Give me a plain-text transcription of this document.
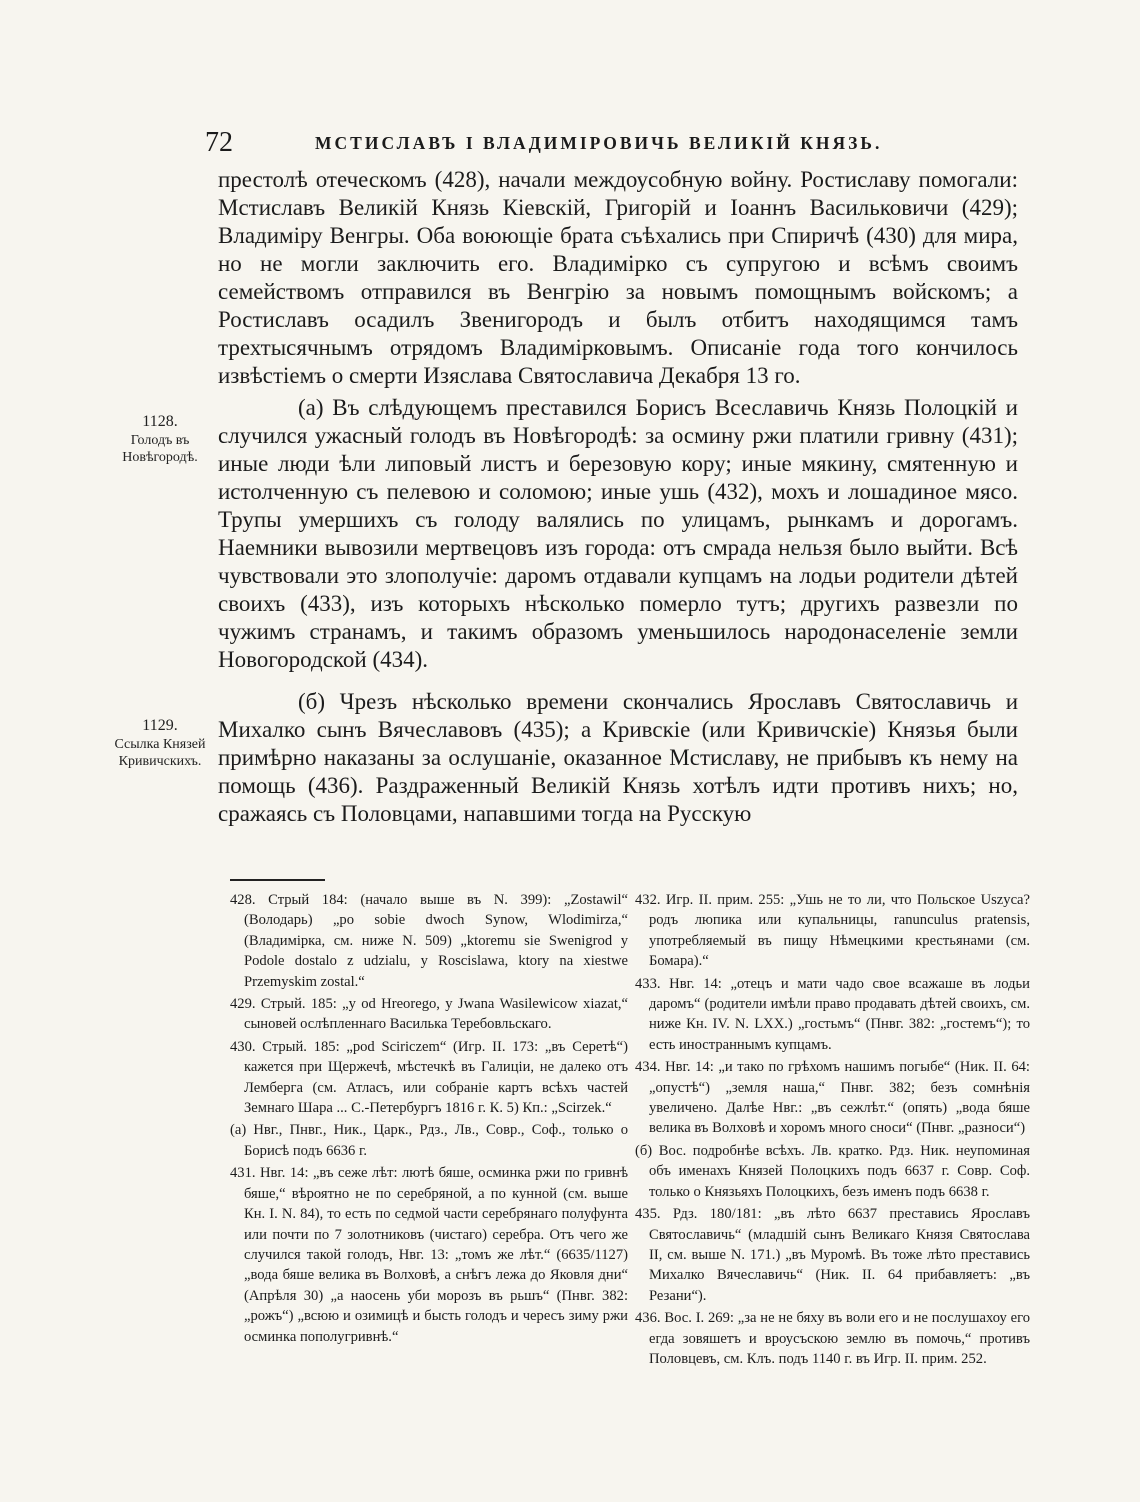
72	МСТИСЛАВЪ I ВЛАДИМІРОВИЧЬ ВЕЛИКІЙ КНЯЗЬ.
1128.
Голодъ въ Новѣгородѣ.
1129.
Ссылка Князей Кривичскихъ.

престолѣ отеческомъ (428), начали междоусобную войну. Ростиславу помогали: Мстиславъ Великій Князь Кіевскій, Григорій и Іоаннъ Васильковичи (429); Владиміру Венгры. Оба воюющіе брата съѣхались при Спиричѣ (430) для мира, но не могли заключить его. Владимірко съ супругою и всѣмъ своимъ семействомъ отправился въ Венгрію за новымъ помощнымъ войскомъ; а Ростиславъ осадилъ Звенигородъ и былъ отбитъ находящимся тамъ трехтысячнымъ отрядомъ Владимірковымъ. Описаніе года того кончилось извѣстіемъ о смерти Изяслава Святославича Декабря 13 го.

(а) Въ слѣдующемъ преставился Борисъ Всеславичь Князь Полоцкій и случился ужасный голодъ въ Новѣгородѣ: за осмину ржи платили гривну (431); иные люди ѣли липовый листъ и березовую кору; иные мякину, смятенную и истолченную съ пелевою и соломою; иные ушь (432), мохъ и лошадиное мясо. Трупы умершихъ съ голоду валялись по улицамъ, рынкамъ и дорогамъ. Наемники вывозили мертвецовъ изъ города: отъ смрада нельзя было выйти. Всѣ чувствовали это злополучіе: даромъ отдавали купцамъ на лодьи родители дѣтей своихъ (433), изъ которыхъ нѣсколько померло тутъ; другихъ развезли по чужимъ странамъ, и такимъ образомъ уменьшилось народонаселеніе земли Новогородской (434).

(б) Чрезъ нѣсколько времени скончались Ярославъ Святославичь и Михалко сынъ Вячеславовъ (435); а Кривскіе (или Кривичскіе) Князья были примѣрно наказаны за ослушаніе, оказанное Мстиславу, не прибывъ къ нему на помощь (436). Раздраженный Великій Князь хотѣлъ идти противъ нихъ; но, сражаясь съ Половцами, напавшими тогда на Русскую

428. Стрый 184: (начало выше въ N. 399): „Zostawil“ (Володарь) „po sobie dwoch Synow, Wlodimirza,“ (Владимірка, см. ниже N. 509) „ktoremu sie Swenigrod y Podole dostalo z udzialu, y Roscislawa, ktory na xiestwe Przemyskim zostal.“

429. Стрый. 185: „y od Hreorego, y Jwana Wasilewicow xiazat,“ сыновей ослѣпленнаго Василька Теребовльскаго.

430. Стрый. 185: „pod Sciriczem“ (Игр. II. 173: „въ Серетѣ“) кажется при Щержечѣ, мѣстечкѣ въ Галиціи, не далеко отъ Лемберга (см. Атласъ, или собраніе картъ всѣхъ частей Земнаго Шара ... С.-Петербургъ 1816 г. К. 5) Кп.: „Scirzek.“

(а) Нвг., Пнвг., Ник., Царк., Рдз., Лв., Совр., Соф., только о Борисѣ подъ 6636 г.

431. Нвг. 14: „въ сеже лѣт: лютѣ бяше, осминка ржи по гривнѣ бяше,“ вѣроятно не по серебряной, а по кунной (см. выше Кн. I. N. 84), то есть по седмой части серебрянаго полуфунта или почти по 7 золотниковъ (чистаго) серебра. Отъ чего же случился такой голодъ, Нвг. 13: „томъ же лѣт.“ (6635/1127) „вода бяше велика въ Волховѣ, а снѣгъ лежа до Яковля дни“ (Апрѣля 30) „а наосень уби морозъ въ рьшъ“ (Пнвг. 382: „рожъ“) „всюю и озимицѣ и бысть голодъ и чересъ зиму ржи осминка пополугривнѣ.“

432. Игр. II. прим. 255: „Ушь не то ли, что Польское Uszyca? родъ люпика или купальницы, ranunculus pratensis, употребляемый въ пищу Нѣмецкими крестьянами (см. Бомара).“

433. Нвг. 14: „отецъ и мати чадо свое всажаше въ лодьи даромъ“ (родители имѣли право продавать дѣтей своихъ, см. ниже Кн. IV. N. LXX.) „гостьмъ“ (Пнвг. 382: „гостемъ“); то есть иностраннымъ купцамъ.

434. Нвг. 14: „и тако по грѣхомъ нашимъ погыбе“ (Ник. II. 64: „опустѣ“) „земля наша,“ Пнвг. 382; безъ сомнѣнія увеличено. Далѣе Нвг.: „въ сежлѣт.“ (опять) „вода бяше велика въ Волховѣ и хоромъ много сноси“ (Пнвг. „разноси“)

(б) Вос. подробнѣе всѣхъ. Лв. кратко. Рдз. Ник. неупоминая объ именахъ Князей Полоцкихъ подъ 6637 г. Совр. Соф. только о Князьяхъ Полоцкихъ, безъ именъ подъ 6638 г.

435. Рдз. 180/181: „въ лѣто 6637 преставись Ярославъ Святославичь“ (младшій сынъ Великаго Князя Святослава II, см. выше N. 171.) „въ Муромѣ. Въ тоже лѣто преставись Михалко Вячеславичь“ (Ник. II. 64 прибавляетъ: „въ Резани“).

436. Вос. I. 269: „за не не бяху въ воли его и не послушахоу его егда зовяшетъ и вроусъскою землю въ помочь,“ противъ Половцевъ, см. Клъ. подъ 1140 г. въ Игр. II. прим. 252.
